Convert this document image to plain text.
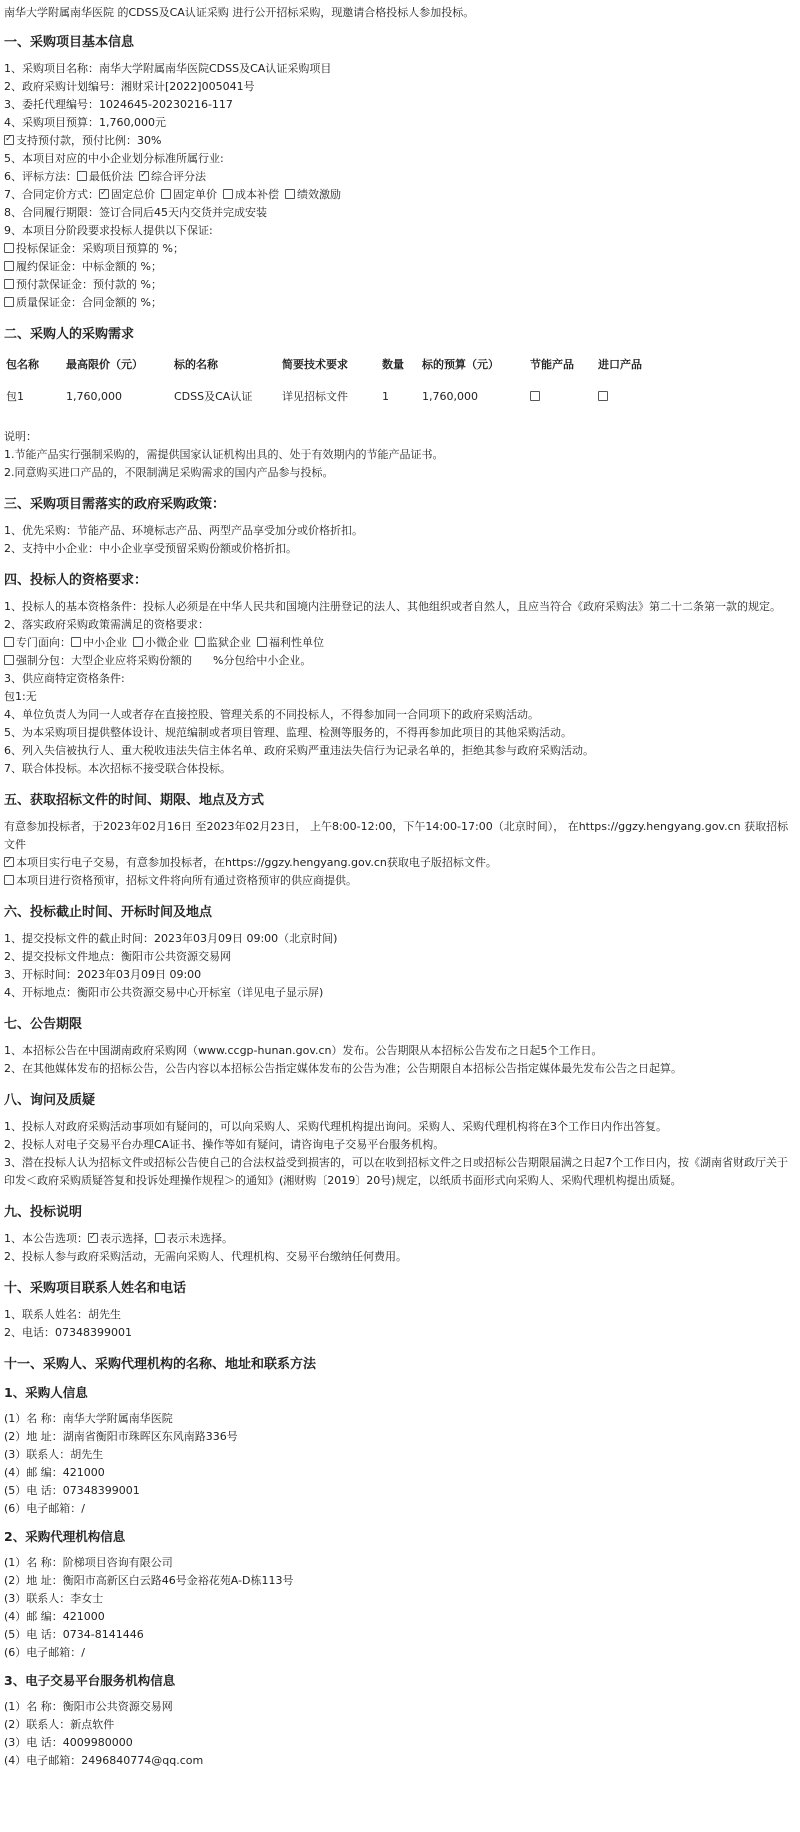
南华大学附属南华医院 的CDSS及CA认证采购 进行公开招标采购，现邀请合格投标人参加投标。
一、采购项目基本信息
1、采购项目名称：南华大学附属南华医院CDSS及CA认证采购项目
2、政府采购计划编号：湘财采计[2022]005041号
3、委托代理编号：1024645-20230216-117
4、采购项目预算：1,760,000元
✓支持预付款，预付比例：30%
5、本项目对应的中小企业划分标准所属行业:
6、评标方法： 最低价法 ✓ 综合评分法
7、合同定价方式： ✓ 固定总价 固定单价 成本补偿 绩效激励
8、合同履行期限：签订合同后45天内交货并完成安装
9、本项目分阶段要求投标人提供以下保证:
投标保证金：采购项目预算的 %；
履约保证金：中标金额的 %；
预付款保证金：预付款的 %；
质量保证金：合同金额的 %；
二、采购人的采购需求
包名称	最高限价（元）	标的名称	简要技术要求	数量	标的预算（元）	节能产品	进口产品
包1	1,760,000	CDSS及CA认证	详见招标文件	1	1,760,000		
说明：
1.节能产品实行强制采购的，需提供国家认证机构出具的、处于有效期内的节能产品证书。
2.同意购买进口产品的，不限制满足采购需求的国内产品参与投标。
三、采购项目需落实的政府采购政策：
1、优先采购：节能产品、环境标志产品、两型产品享受加分或价格折扣。
2、支持中小企业：中小企业享受预留采购份额或价格折扣。
四、投标人的资格要求：
1、投标人的基本资格条件：投标人必须是在中华人民共和国境内注册登记的法人、其他组织或者自然人，且应当符合《政府采购法》第二十二条第一款的规定。
2、落实政府采购政策需满足的资格要求：
专门面向： 中小企业 小微企业 监狱企业 福利性单位
强制分包：大型企业应将采购份额的      %分包给中小企业。
3、供应商特定资格条件:
包1:无
4、单位负责人为同一人或者存在直接控股、管理关系的不同投标人，不得参加同一合同项下的政府采购活动。
5、为本采购项目提供整体设计、规范编制或者项目管理、监理、检测等服务的，不得再参加此项目的其他采购活动。
6、列入失信被执行人、重大税收违法失信主体名单、政府采购严重违法失信行为记录名单的，拒绝其参与政府采购活动。
7、联合体投标。本次招标不接受联合体投标。
五、获取招标文件的时间、期限、地点及方式
有意参加投标者，于2023年02月16日 至2023年02月23日， 上午8:00-12:00，下午14:00-17:00（北京时间）， 在https://ggzy.hengyang.gov.cn 获取招标文件
✓本项目实行电子交易，有意参加投标者，在https://ggzy.hengyang.gov.cn获取电子版招标文件。
本项目进行资格预审，招标文件将向所有通过资格预审的供应商提供。
六、投标截止时间、开标时间及地点
1、提交投标文件的截止时间：2023年03月09日 09:00（北京时间)
2、提交投标文件地点：衡阳市公共资源交易网
3、开标时间：2023年03月09日 09:00
4、开标地点：衡阳市公共资源交易中心开标室（详见电子显示屏)
七、公告期限
1、本招标公告在中国湖南政府采购网（www.ccgp-hunan.gov.cn）发布。公告期限从本招标公告发布之日起5个工作日。
2、在其他媒体发布的招标公告，公告内容以本招标公告指定媒体发布的公告为准；公告期限自本招标公告指定媒体最先发布公告之日起算。
八、询问及质疑
1、投标人对政府采购活动事项如有疑问的，可以向采购人、采购代理机构提出询问。采购人、采购代理机构将在3个工作日内作出答复。
2、投标人对电子交易平台办理CA证书、操作等如有疑问，请咨询电子交易平台服务机构。
3、潜在投标人认为招标文件或招标公告使自己的合法权益受到损害的，可以在收到招标文件之日或招标公告期限届满之日起7个工作日内，按《湖南省财政厅关于印发＜政府采购质疑答复和投诉处理操作规程＞的通知》(湘财购〔2019〕20号)规定，以纸质书面形式向采购人、采购代理机构提出质疑。
九、投标说明
1、本公告选项： ✓ 表示选择， 表示未选择。
2、投标人参与政府采购活动，无需向采购人、代理机构、交易平台缴纳任何费用。
十、采购项目联系人姓名和电话
1、联系人姓名：胡先生
2、电话：07348399001
十一、采购人、采购代理机构的名称、地址和联系方法
1、采购人信息
(1）名 称：南华大学附属南华医院
(2）地 址：湖南省衡阳市珠晖区东风南路336号
(3）联系人：胡先生
(4）邮 编：421000
(5）电 话：07348399001
(6）电子邮箱：/
2、采购代理机构信息
(1）名 称：阶梯项目咨询有限公司
(2）地 址：衡阳市高新区白云路46号金裕花苑A-D栋113号
(3）联系人：李女士
(4）邮 编：421000
(5）电 话：0734-8141446
(6）电子邮箱：/
3、电子交易平台服务机构信息
(1）名 称：衡阳市公共资源交易网
(2）联系人：新点软件
(3）电 话：4009980000
(4）电子邮箱：2496840774@qq.com
